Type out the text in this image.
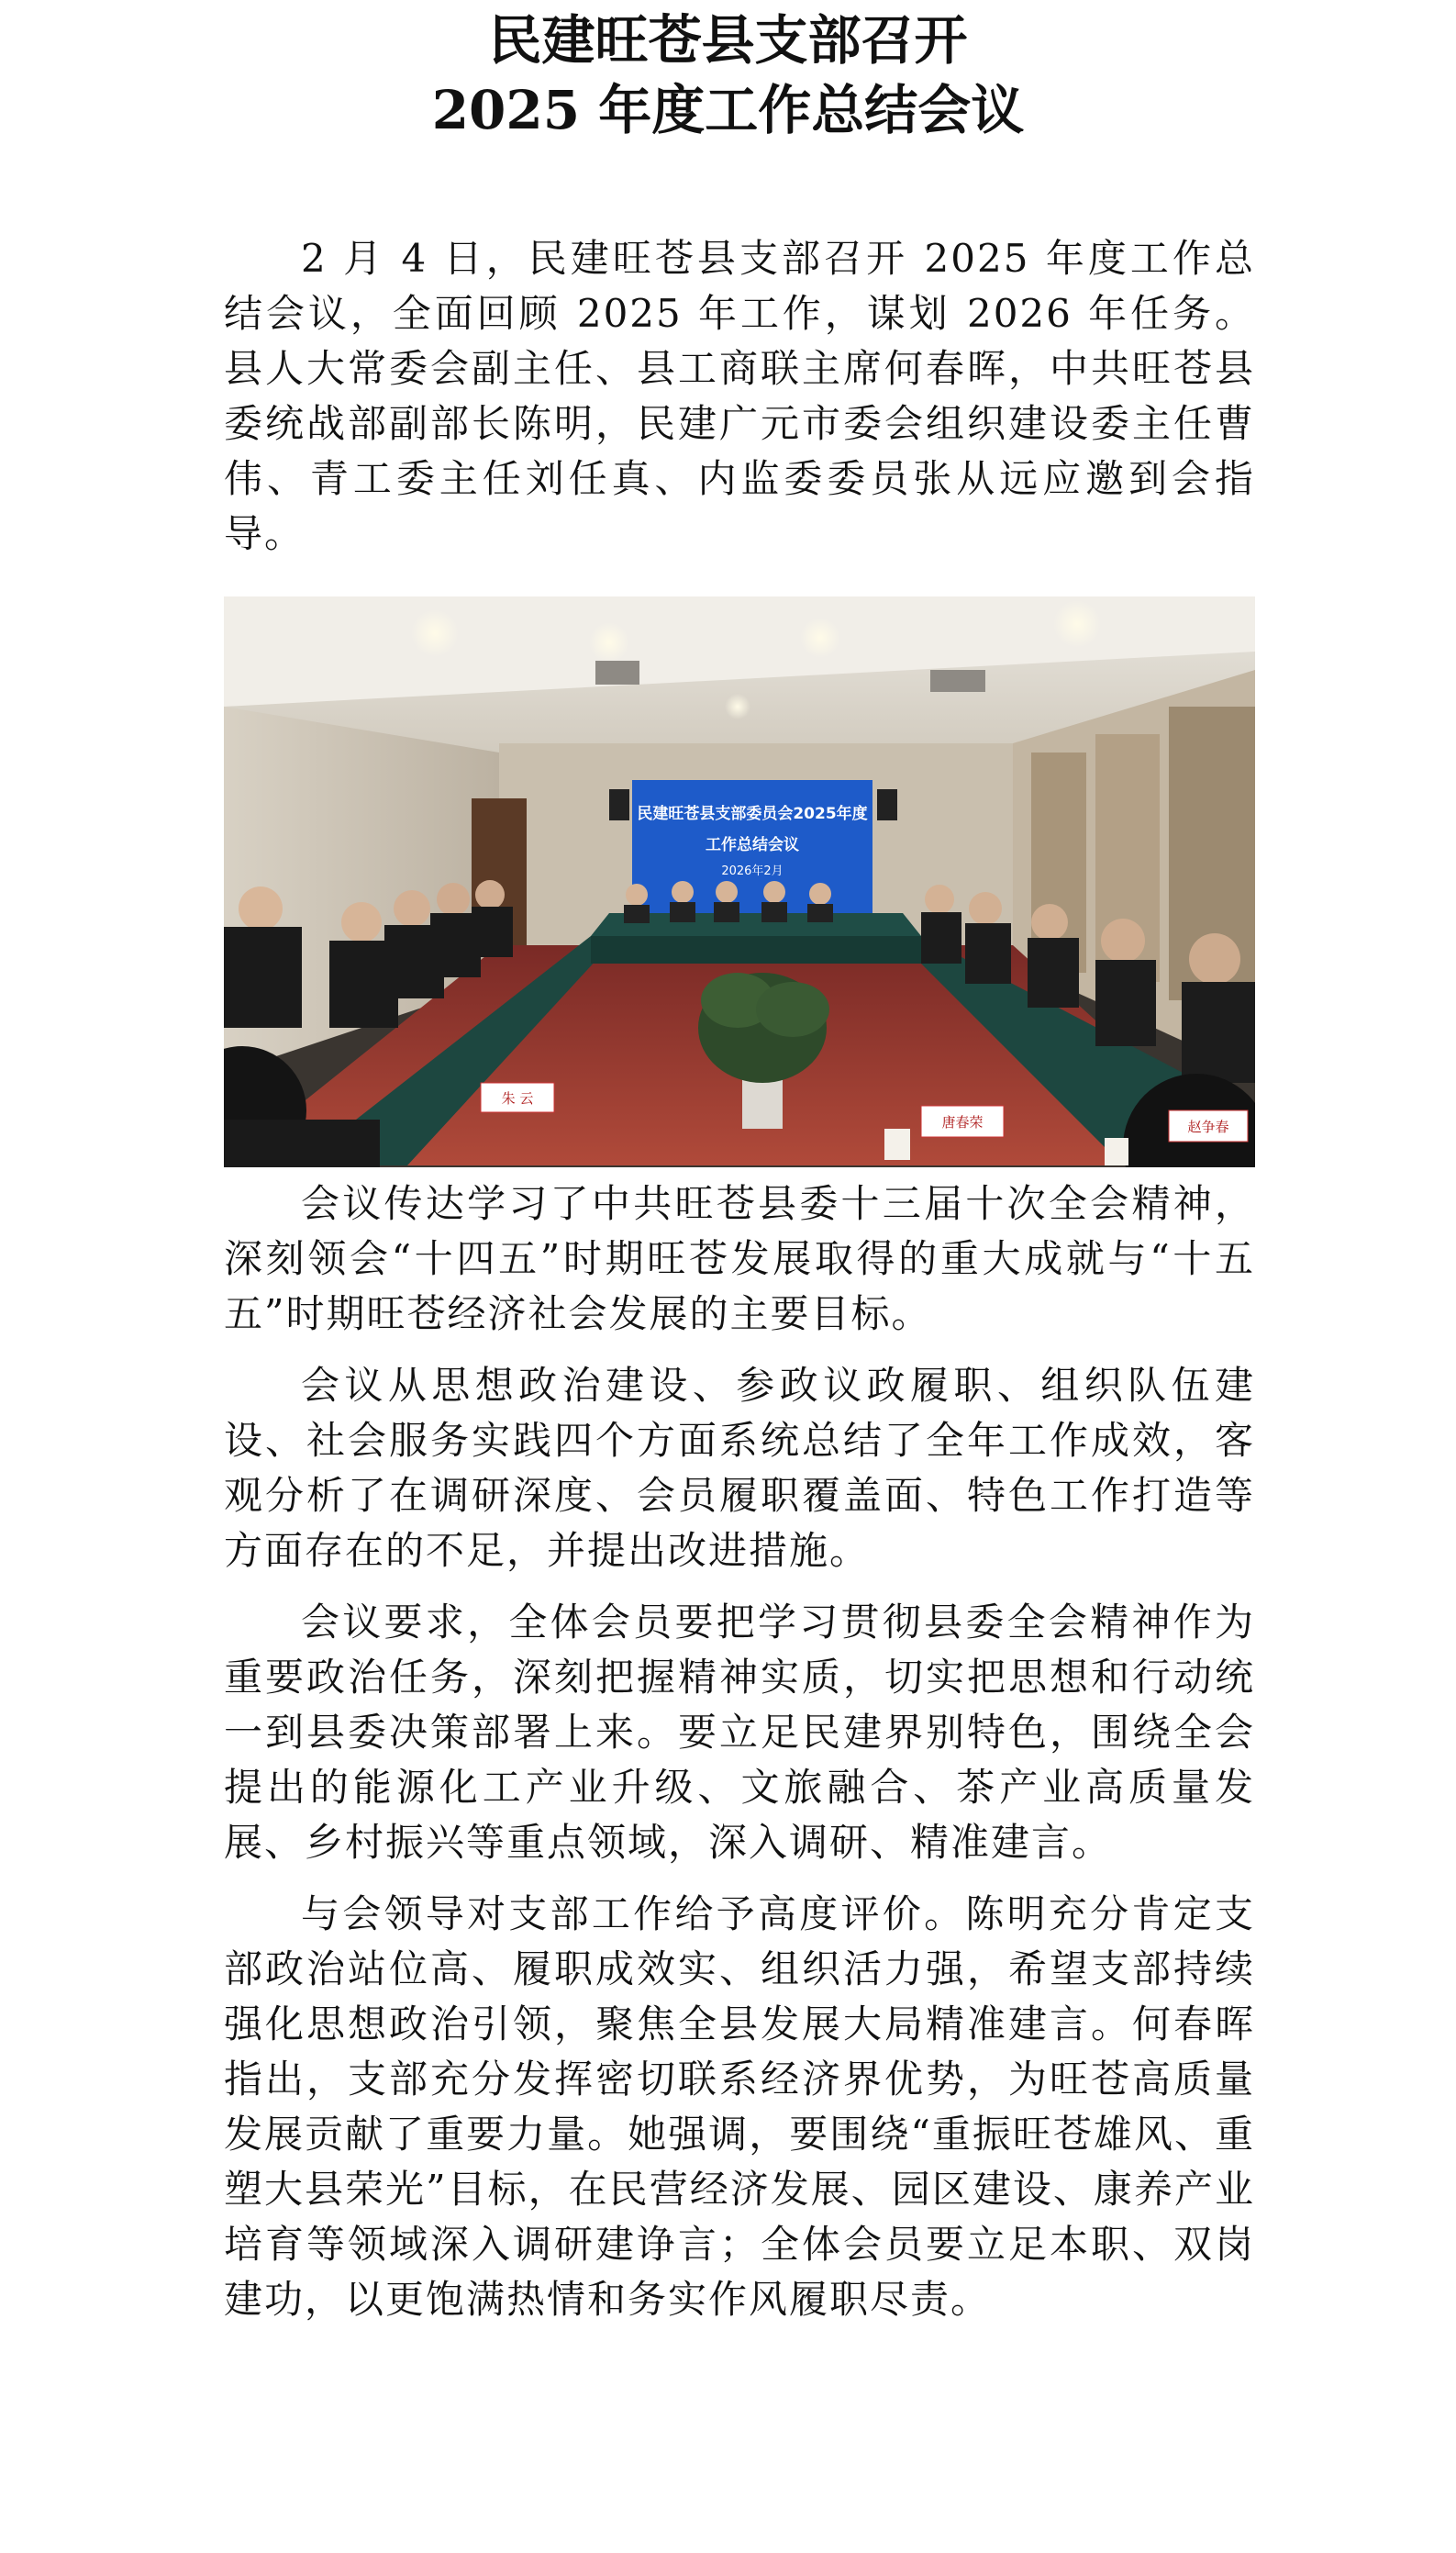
民建旺苍县支部召开
2025 年度工作总结会议

2 月 4 日，民建旺苍县支部召开 2025 年度工作总结会议，全面回顾 2025 年工作，谋划 2026 年任务。县人大常委会副主任、县工商联主席何春晖，中共旺苍县委统战部副部长陈明，民建广元市委会组织建设委主任曹伟、青工委主任刘任真、内监委委员张从远应邀到会指导。

民建旺苍县支部委员会2025年度
工作总结会议
2026年2月
朱 云
唐春荣	赵争春

会议传达学习了中共旺苍县委十三届十次全会精神，深刻领会“十四五”时期旺苍发展取得的重大成就与“十五五”时期旺苍经济社会发展的主要目标。

会议从思想政治建设、参政议政履职、组织队伍建设、社会服务实践四个方面系统总结了全年工作成效，客观分析了在调研深度、会员履职覆盖面、特色工作打造等方面存在的不足，并提出改进措施。

会议要求，全体会员要把学习贯彻县委全会精神作为重要政治任务，深刻把握精神实质，切实把思想和行动统一到县委决策部署上来。要立足民建界别特色，围绕全会提出的能源化工产业升级、文旅融合、茶产业高质量发展、乡村振兴等重点领域，深入调研、精准建言。

与会领导对支部工作给予高度评价。陈明充分肯定支部政治站位高、履职成效实、组织活力强，希望支部持续强化思想政治引领，聚焦全县发展大局精准建言。何春晖指出，支部充分发挥密切联系经济界优势，为旺苍高质量发展贡献了重要力量。她强调，要围绕“重振旺苍雄风、重塑大县荣光”目标，在民营经济发展、园区建设、康养产业培育等领域深入调研建诤言；全体会员要立足本职、双岗建功，以更饱满热情和务实作风履职尽责。
